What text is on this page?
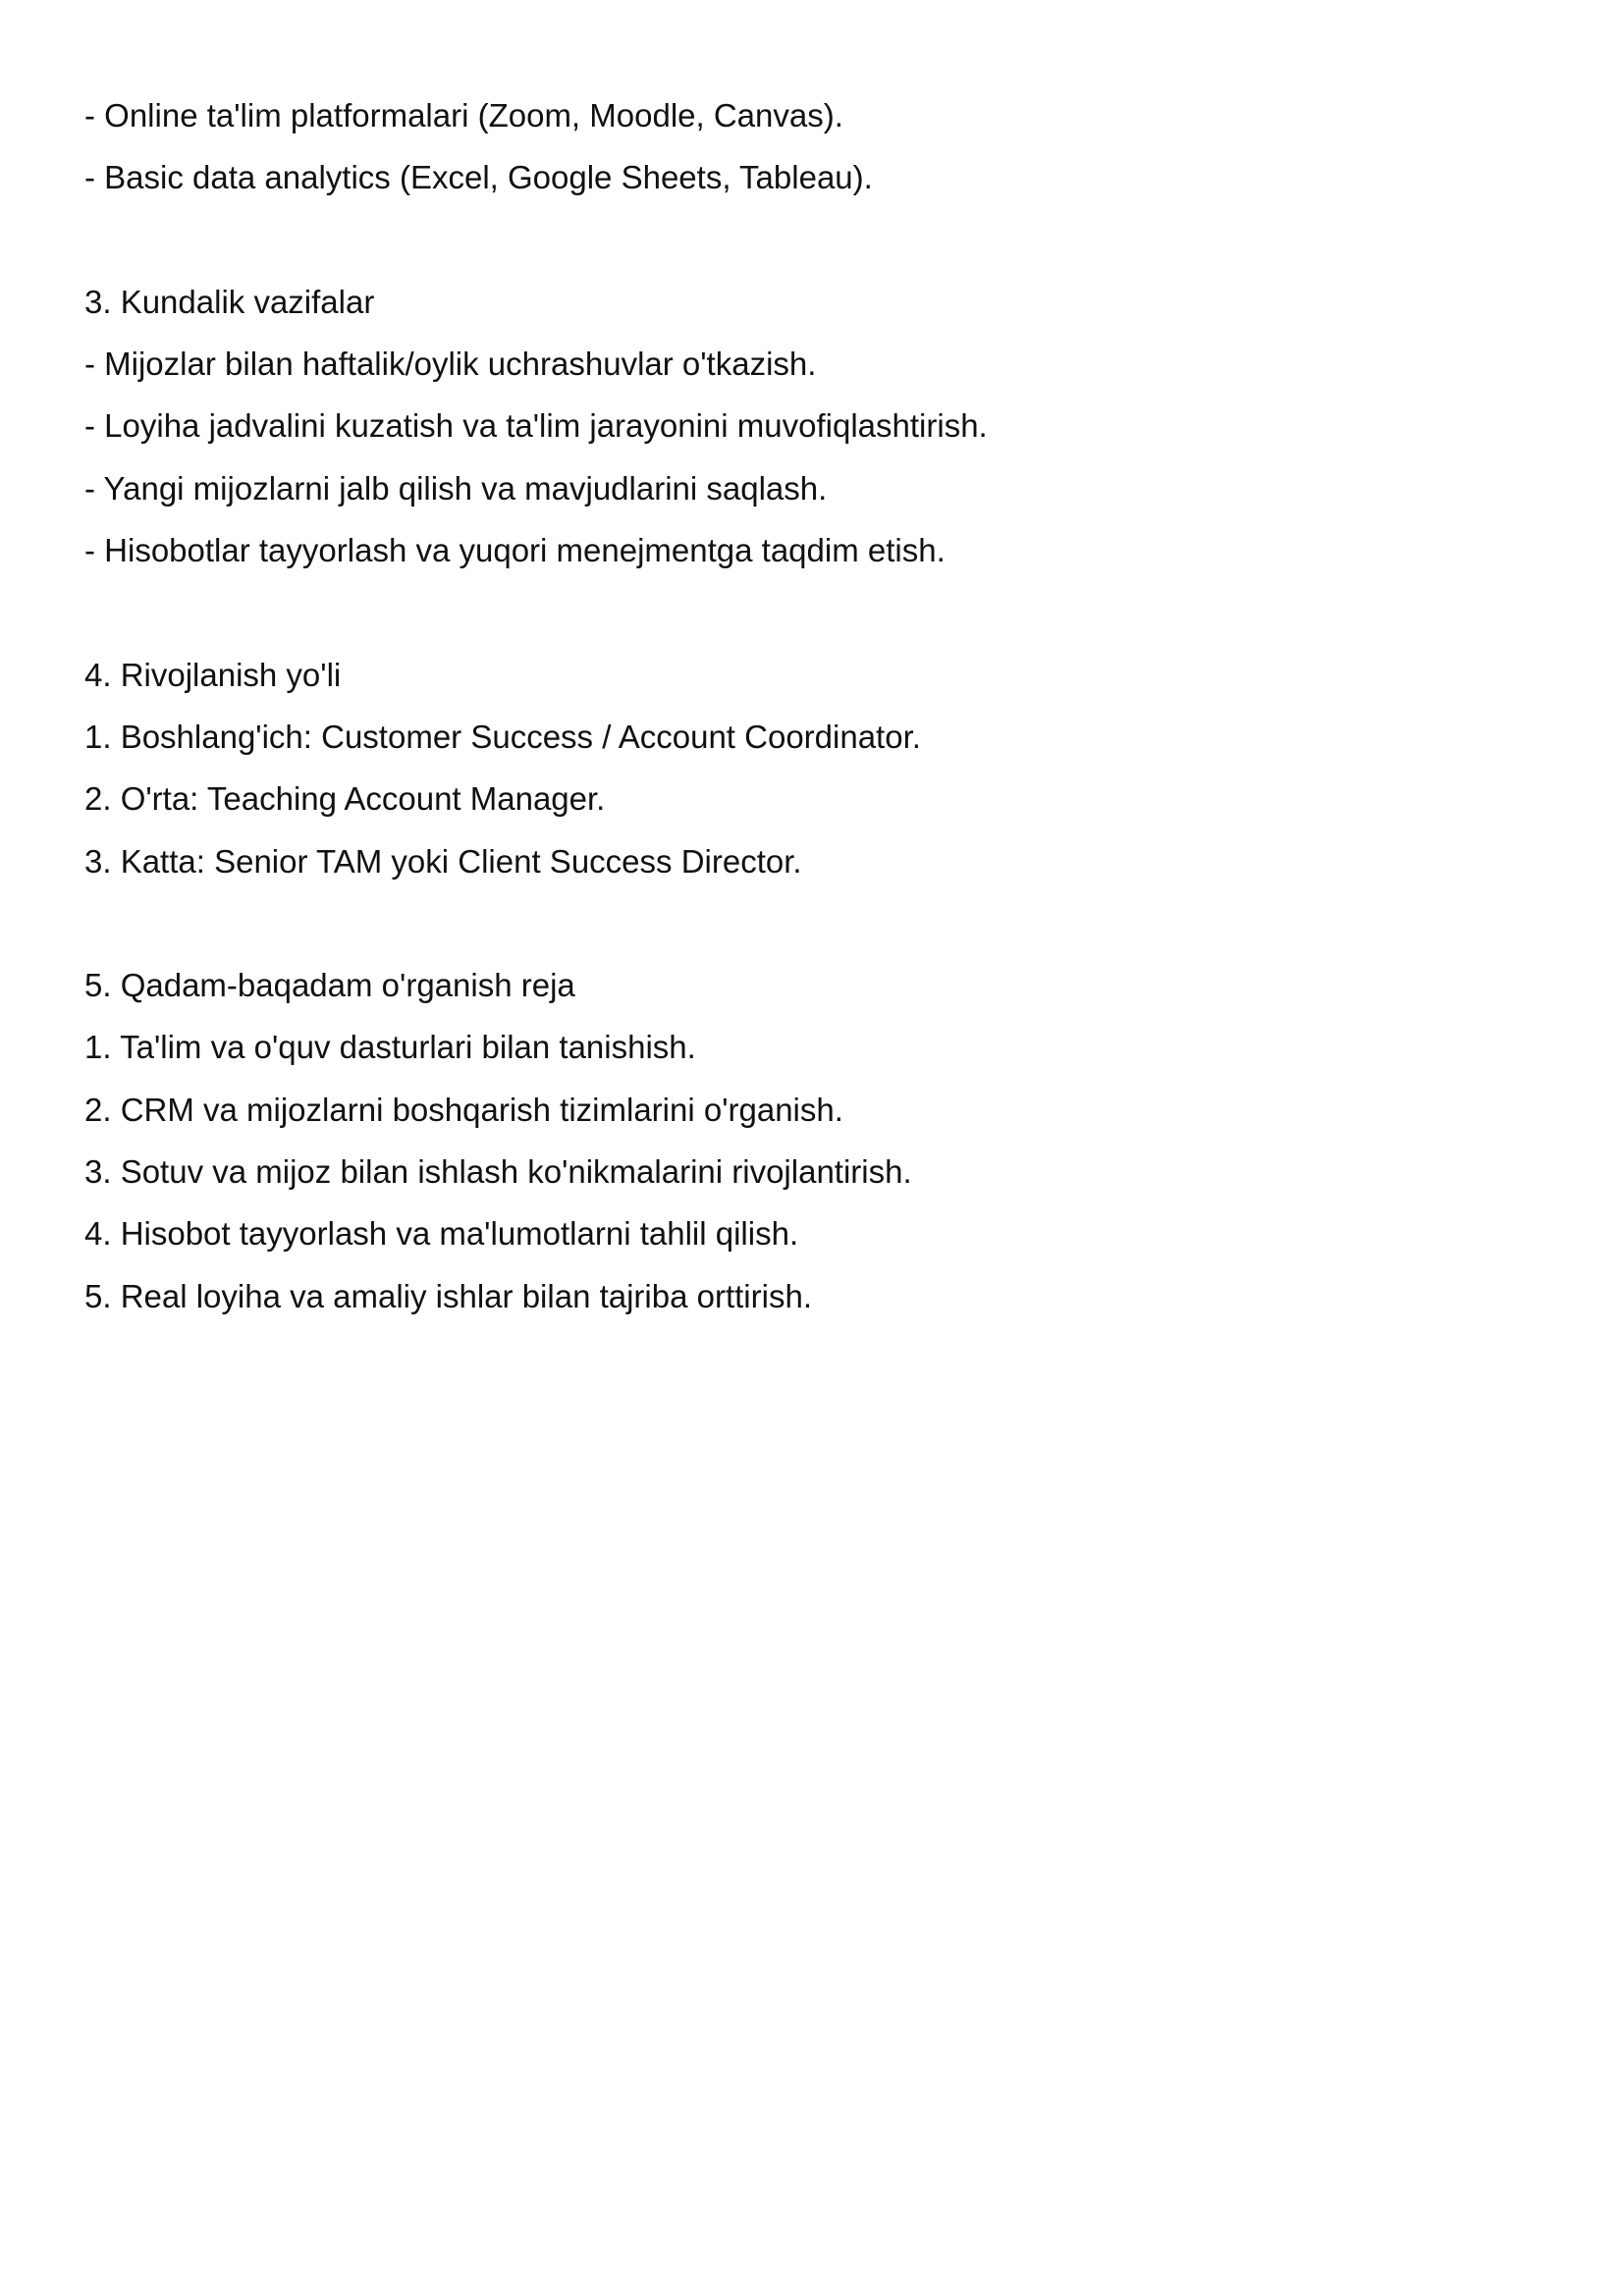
- Online ta'lim platformalari (Zoom, Moodle, Canvas).
- Basic data analytics (Excel, Google Sheets, Tableau).
3. Kundalik vazifalar
- Mijozlar bilan haftalik/oylik uchrashuvlar o'tkazish.
- Loyiha jadvalini kuzatish va ta'lim jarayonini muvofiqlashtirish.
- Yangi mijozlarni jalb qilish va mavjudlarini saqlash.
- Hisobotlar tayyorlash va yuqori menejmentga taqdim etish.
4. Rivojlanish yo'li
1. Boshlang'ich: Customer Success / Account Coordinator.
2. O'rta: Teaching Account Manager.
3. Katta: Senior TAM yoki Client Success Director.
5. Qadam-baqadam o'rganish reja
1. Ta'lim va o'quv dasturlari bilan tanishish.
2. CRM va mijozlarni boshqarish tizimlarini o'rganish.
3. Sotuv va mijoz bilan ishlash ko'nikmalarini rivojlantirish.
4. Hisobot tayyorlash va ma'lumotlarni tahlil qilish.
5. Real loyiha va amaliy ishlar bilan tajriba orttirish.
